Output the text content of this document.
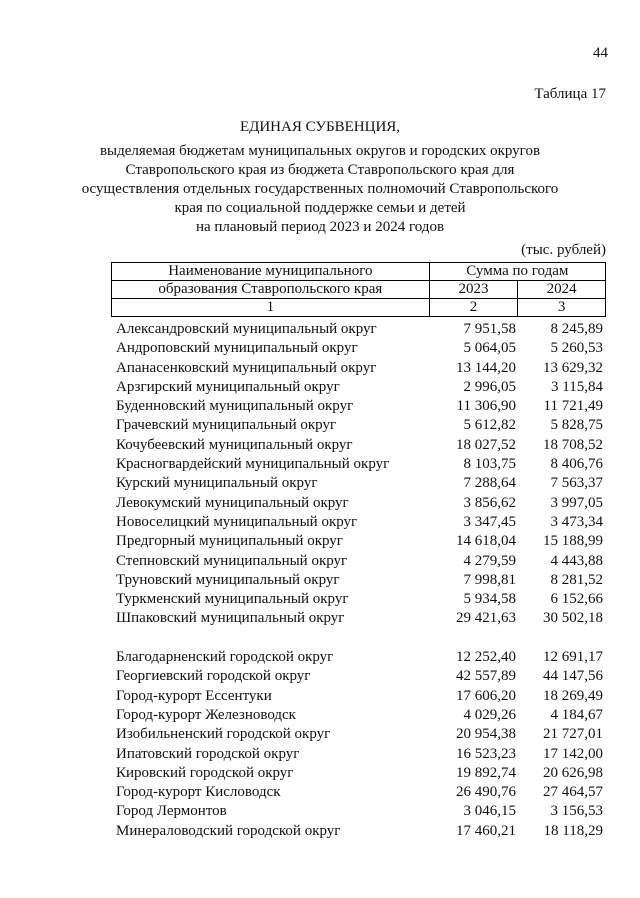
44
Таблица 17
ЕДИНАЯ СУБВЕНЦИЯ,
выделяемая бюджетам муниципальных округов и городских округов
Ставропольского края из бюджета Ставропольского края для
осуществления отдельных государственных полномочий Ставропольского
края по социальной поддержке семьи и детей
на плановый период 2023 и 2024 годов
(тыс. рублей)
Наименование муниципального	Сумма по годам	
образования Ставропольского края	2023	2024
1	2	3
Александровский муниципальный округ	7 951,58 8 245,89
Андроповский муниципальный округ	5 064,05 5 260,53
Апанасенковский муниципальный округ	13 144,20 13 629,32
Арзгирский муниципальный округ	2 996,05 3 115,84
Буденновский муниципальный округ	11 306,90 11 721,49
Грачевский муниципальный округ	5 612,82 5 828,75
Кочубеевский муниципальный округ	18 027,52 18 708,52
Красногвардейский муниципальный округ	8 103,75 8 406,76
Курский муниципальный округ	7 288,64 7 563,37
Левокумский муниципальный округ	3 856,62 3 997,05
Новоселицкий муниципальный округ	3 347,45 3 473,34
Предгорный муниципальный округ	14 618,04 15 188,99
Степновский муниципальный округ	4 279,59 4 443,88
Труновский муниципальный округ	7 998,81 8 281,52
Туркменский муниципальный округ	5 934,58 6 152,66
Шпаковский муниципальный округ	29 421,63 30 502,18
Благодарненский городской округ	12 252,40 12 691,17
Георгиевский городской округ	42 557,89 44 147,56
Город-курорт Ессентуки	17 606,20 18 269,49
Город-курорт Железноводск	4 029,26 4 184,67
Изобильненский городской округ	20 954,38 21 727,01
Ипатовский городской округ	16 523,23 17 142,00
Кировский городской округ	19 892,74 20 626,98
Город-курорт Кисловодск	26 490,76 27 464,57
Город Лермонтов	3 046,15 3 156,53
Минераловодский городской округ	17 460,21 18 118,29
